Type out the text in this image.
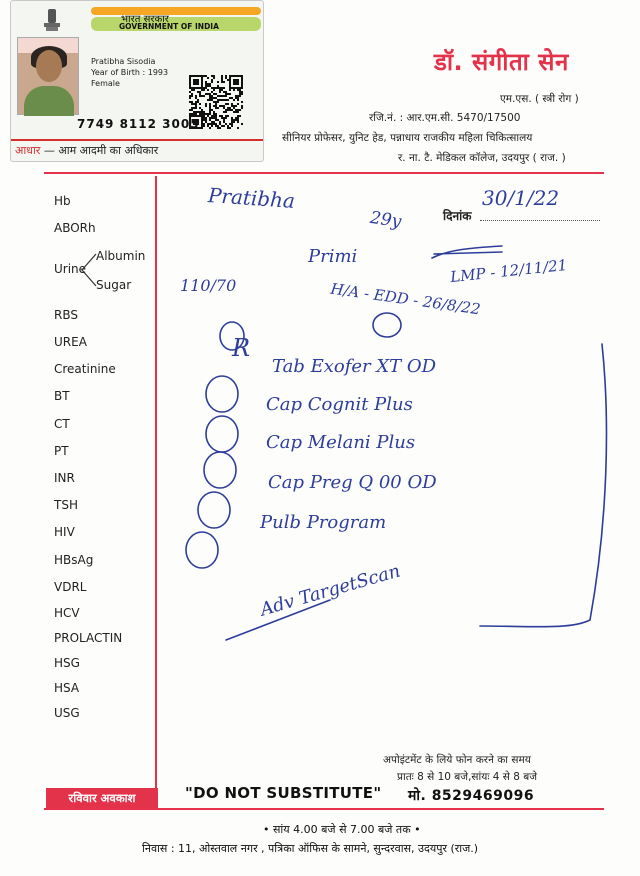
भारत सरकार
GOVERNMENT OF INDIA
Pratibha Sisodia
Year of Birth : 1993
Female
7749 8112 3005
आधार — आम आदमी का अधिकार
डॉ. संगीता सेन
एम.एस. ( स्त्री रोग )
रजि.नं. : आर.एम.सी. 5470/17500
सीनियर प्रोफेसर, युनिट हेड, पन्नाधाय राजकीय महिला चिकित्सालय
र. ना. टै. मेडिकल कॉलेज, उदयपुर ( राज. )
Hb
ABORh
Urine
Albumin
Sugar
RBS
UREA
Creatinine
BT
CT
PT
INR
TSH
HIV
HBsAg
VDRL
HCV
PROLACTIN
HSG
HSA
USG
दिनांक
Pratibha
29y
30/1/22
Primi	LMP - 12/11/21
H/A - EDD - 26/8/22
110/70
R
Tab Exofer XT OD
Cap Cognit Plus
Cap Melani Plus
Cap Preg Q 00 OD
Pulb Program
Adv TargetScan
अपोइंटमेंट के लिये फोन करने का समय
प्रातः 8 से 10 बजे,सांयः 4 से 8 बजे
रविवार अवकाश	"DO NOT SUBSTITUTE" मो. 8529469096
• सांय 4.00 बजे से 7.00 बजे तक •
निवास : 11, ओस्तवाल नगर , पत्रिका ऑफिस के सामने, सुन्दरवास, उदयपुर (राज.)
